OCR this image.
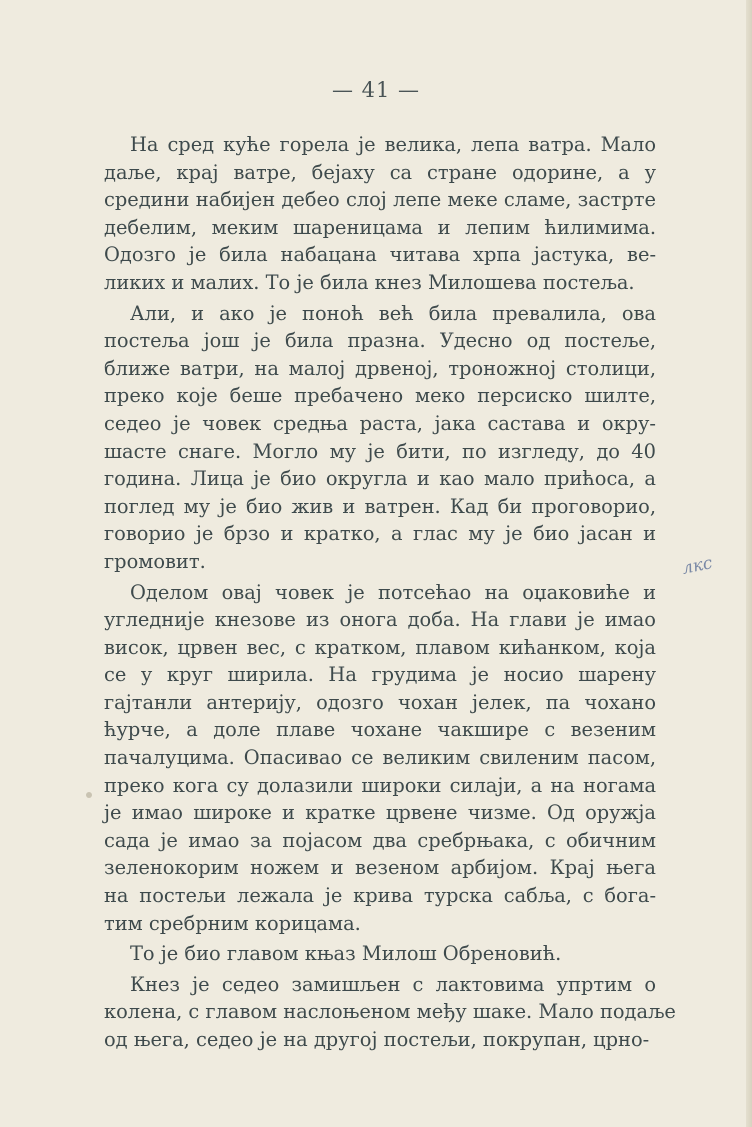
— 41 —
лкс
На сред куће горела је велика, лепа ватра. Мало
даље, крај ватре, бејаху са стране одорине, а у
средини набијен дебео слој лепе меке сламе, застрте
дебелим, меким шареницама и лепим ћилимима.
Одозго је била набацана читава хрпа јастука, ве-
ликих и малих. То је била кнез Милошева постеља.
Али, и ако је поноћ већ била превалила, ова
постеља још је била празна. Удесно од постеље,
ближе ватри, на малој дрвеној, троножној столици,
преко које беше пребачено меко персиско шилте,
седео је човек средња раста, јака састава и окру-
шасте снаге. Могло му је бити, по изгледу, до 40
година. Лица је био округла и као мало прићоса, а
поглед му је био жив и ватрен. Кад би проговорио,
говорио је брзо и кратко, а глас му је био јасан и
громовит.
Оделом овај човек је потсећао на оџаковиће и
угледније кнезове из онога доба. На глави је имао
висок, црвен вес, с кратком, плавом кићанком, која
се у круг ширила. На грудима је носио шарену
гајтанли антерију, одозго чохан јелек, па чохано
ћурче, а доле плаве чохане чакшире с везеним
пачалуцима. Опасивао се великим свиленим пасом,
преко кога су долазили широки силаји, а на ногама
је имао широке и кратке црвене чизме. Од оружја
сада је имао за појасом два сребрњака, с обичним
зеленокорим ножем и везеном арбијом. Крај њега
на постељи лежала је крива турска сабља, с бога-
тим сребрним корицама.
То је био главом књаз Милош Обреновић.
Кнез је седео замишљен с лактовима упртим о
колена, с главом наслоњеном међу шаке. Мало подаље
од њега, седео је на другој постељи, покрупан, црно-
